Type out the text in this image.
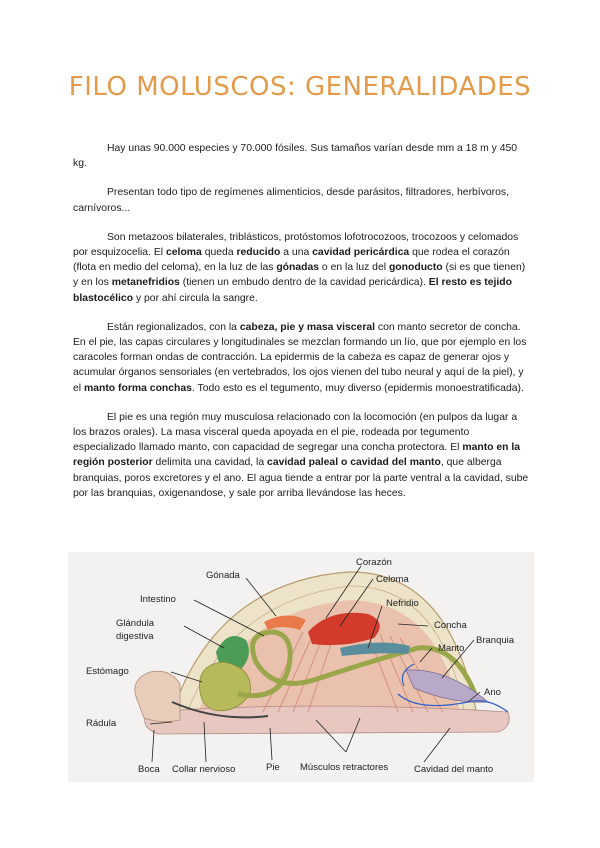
FILO MOLUSCOS: GENERALIDADES

Hay unas 90.000 especies y 70.000 fósiles. Sus tamaños varían desde mm a 18 m y 450 kg.

Presentan todo tipo de regímenes alimenticios, desde parásitos, filtradores, herbívoros, carnívoros...

Son metazoos bilaterales, triblásticos, protóstomos lofotrocozoos, trocozoos y celomados por esquizocelia. El celoma queda reducido a una cavidad pericárdica que rodea el corazón (flota en medio del celoma), en la luz de las gónadas o en la luz del gonoducto (si es que tienen) y en los metanefridios (tienen un embudo dentro de la cavidad pericárdica). El resto es tejido blastocélico y por ahí circula la sangre.

Están regionalizados, con la cabeza, pie y masa visceral con manto secretor de concha. En el pie, las capas circulares y longitudinales se mezclan formando un lío, que por ejemplo en los caracoles forman ondas de contracción. La epidermis de la cabeza es capaz de generar ojos y acumular órganos sensoriales (en vertebrados, los ojos vienen del tubo neural y aquí de la piel), y el manto forma conchas. Todo esto es el tegumento, muy diverso (epidermis monoestratificada).

El pie es una región muy musculosa relacionado con la locomoción (en pulpos da lugar a los brazos orales). La masa visceral queda apoyada en el pie, rodeada por tegumento especializado llamado manto, con capacidad de segregar una concha protectora. El manto en la región posterior delimita una cavidad, la cavidad paleal o cavidad del manto, que alberga branquias, poros excretores y el ano. El agua tiende a entrar por la parte ventral a la cavidad, sube por las branquias, oxigenandose, y sale por arriba llevándose las heces.

Corazón
Gónada	Celoma
Intestino	Nefridio
Glándula
digestiva
Concha
Manto
Estómago
Branquia
Ano
Rádula
Boca Collar nervioso	Pie Músculos retractores	Cavidad del manto
